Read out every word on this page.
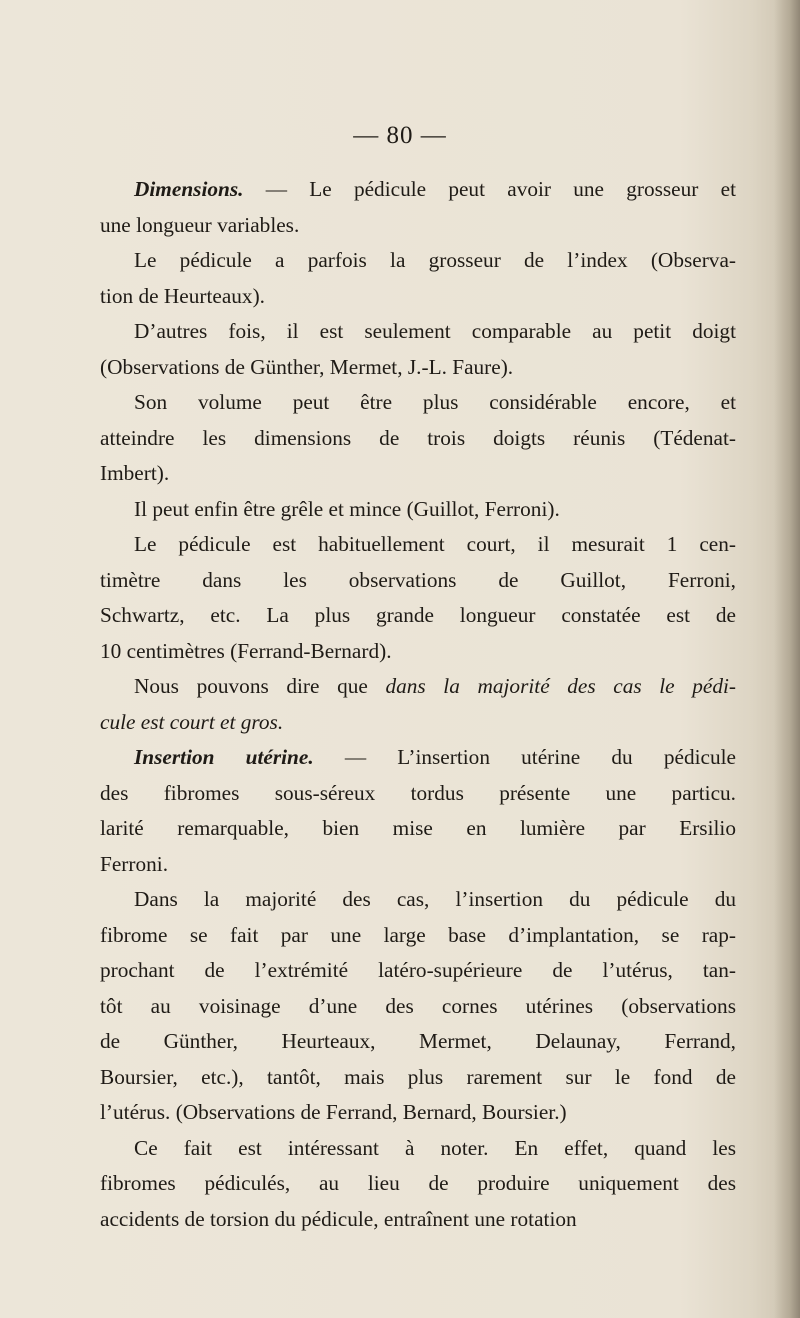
— 80 —
Dimensions. — Le pédicule peut avoir une grosseur et
une longueur variables.
Le pédicule a parfois la grosseur de l’index (Observa-
tion de Heurteaux).
D’autres fois, il est seulement comparable au petit doigt
(Observations de Günther, Mermet, J.-L. Faure).
Son volume peut être plus considérable encore, et
atteindre les dimensions de trois doigts réunis (Tédenat-
Imbert).
Il peut enfin être grêle et mince (Guillot, Ferroni).
Le pédicule est habituellement court, il mesurait 1 cen-
timètre dans les observations de Guillot, Ferroni,
Schwartz, etc. La plus grande longueur constatée est de
10 centimètres (Ferrand-Bernard).
Nous pouvons dire que dans la majorité des cas le pédi-
cule est court et gros.
Insertion utérine. — L’insertion utérine du pédicule
des fibromes sous-séreux tordus présente une particu.
larité remarquable, bien mise en lumière par Ersilio
Ferroni.
Dans la majorité des cas, l’insertion du pédicule du
fibrome se fait par une large base d’implantation, se rap-
prochant de l’extrémité latéro-supérieure de l’utérus, tan-
tôt au voisinage d’une des cornes utérines (observations
de Günther, Heurteaux, Mermet, Delaunay, Ferrand,
Boursier, etc.), tantôt, mais plus rarement sur le fond de
l’utérus. (Observations de Ferrand, Bernard, Boursier.)
Ce fait est intéressant à noter. En effet, quand les
fibromes pédiculés, au lieu de produire uniquement des
accidents de torsion du pédicule, entraînent une rotation
